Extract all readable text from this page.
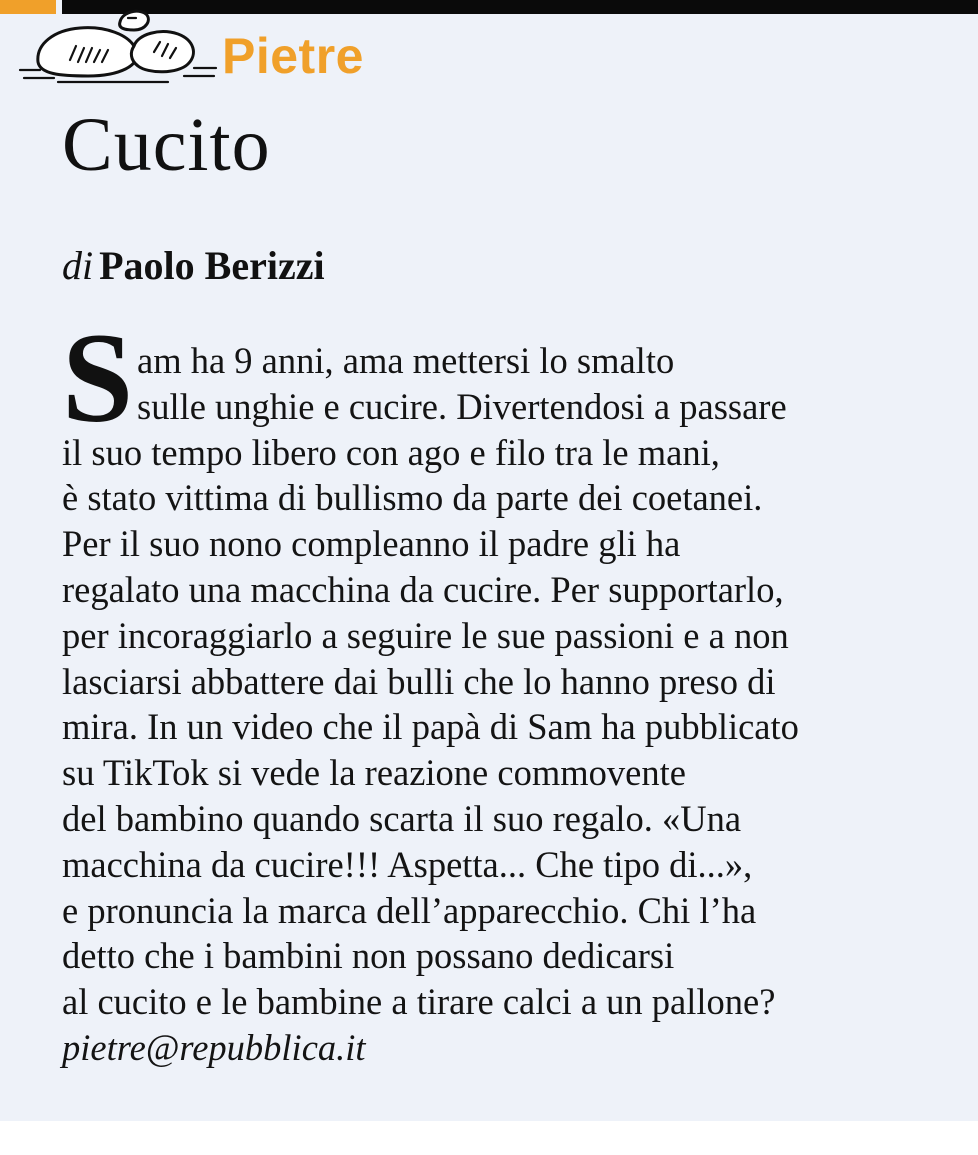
Pietre
Cucito
di Paolo Berizzi
S am ha 9 anni, ama mettersi lo smalto
sulle unghie e cucire. Divertendosi a passare
il suo tempo libero con ago e filo tra le mani,
è stato vittima di bullismo da parte dei coetanei.
Per il suo nono compleanno il padre gli ha
regalato una macchina da cucire. Per supportarlo,
per incoraggiarlo a seguire le sue passioni e a non
lasciarsi abbattere dai bulli che lo hanno preso di
mira. In un video che il papà di Sam ha pubblicato
su TikTok si vede la reazione commovente
del bambino quando scarta il suo regalo. «Una
macchina da cucire!!! Aspetta... Che tipo di...»,
e pronuncia la marca dell’apparecchio. Chi l’ha
detto che i bambini non possano dedicarsi
al cucito e le bambine a tirare calci a un pallone?
pietre@repubblica.it
